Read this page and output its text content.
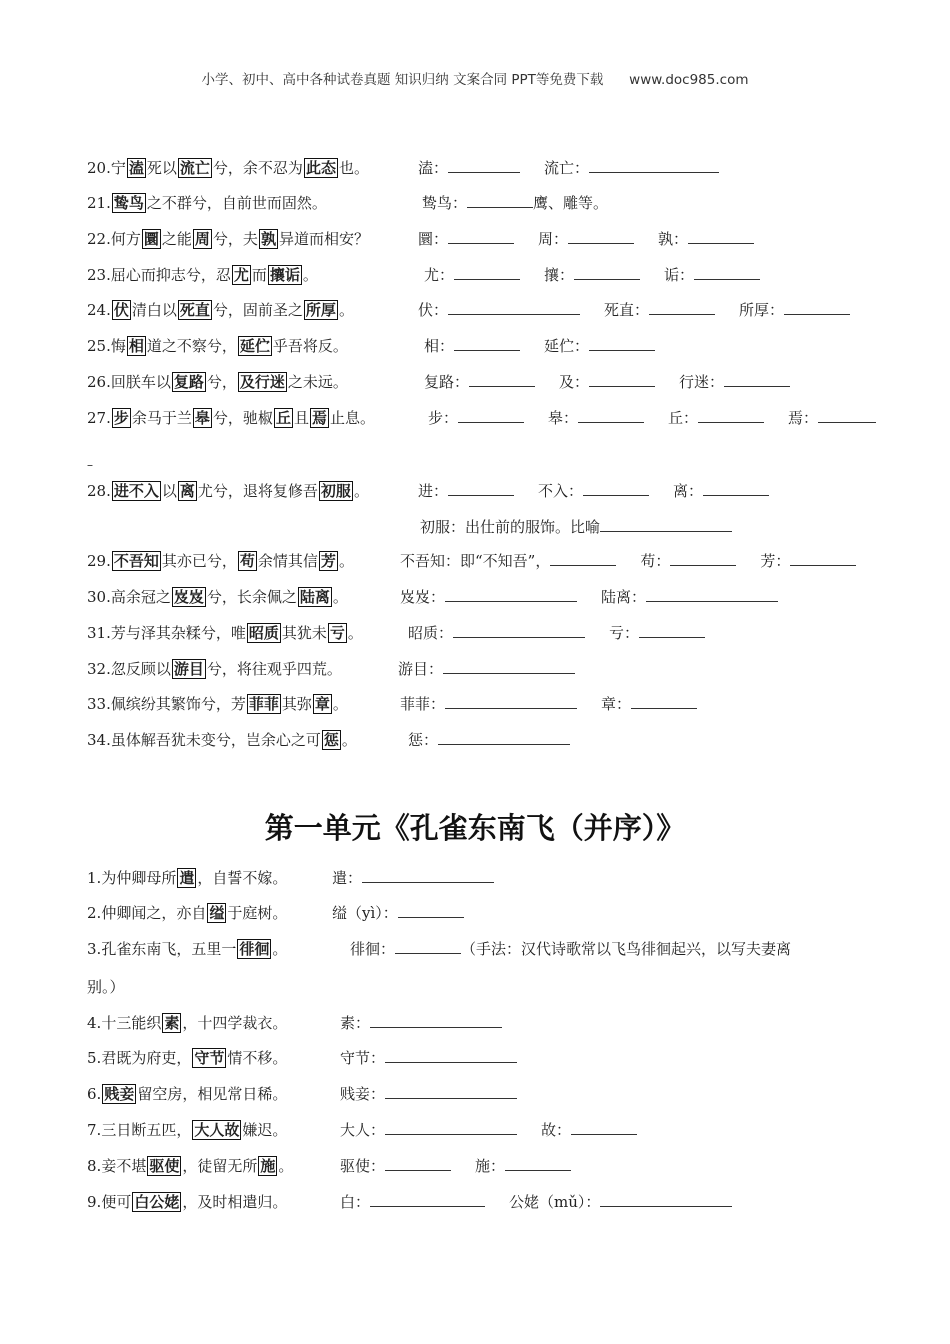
小学、初中、高中各种试卷真题 知识归纳 文案合同 PPT等免费下载      www.doc985.com
20.宁 溘 死以 流亡 兮，余不忍为 此态 也。	溘：	流亡：
21. 鸷鸟 之不群兮，自前世而固然。	鸷鸟：	鹰、雕等。
22.何方 圜 之能 周 兮，夫 孰 异道而相安？	圜：	周：	孰：
23.屈心而抑志兮，忍 尤 而 攘诟 。	尤：	攘：	诟：
24. 伏 清白以 死直 兮，固前圣之 所厚 。	伏：	死直：	所厚：
25.悔 相 道之不察兮， 延伫 乎吾将反。	相：	延伫：
26.回朕车以 复路 兮， 及行迷 之未远。	复路：	及：	行迷：
27. 步 余马于兰 皋 兮，驰椒 丘 且 焉 止息。	步：	皋：	丘：	焉：
28. 进不入 以 离 尤兮，退将复修吾 初服 。	进：	不入：	离：
29. 不吾知 其亦已兮， 苟 余情其信 芳 。	不吾知：即“不知吾”，	苟：	芳：
30.高余冠之 岌岌 兮，长余佩之 陆离 。	岌岌：	陆离：
31.芳与泽其杂糅兮，唯 昭质 其犹未 亏 。	昭质：	亏：
32.忽反顾以 游目 兮，将往观乎四荒。	游目：
33.佩缤纷其繁饰兮，芳 菲菲 其弥 章 。	菲菲：	章：
34.虽体解吾犹未变兮，岂余心之可 惩 。	惩：
–
初服：出仕前的服饰。比喻
第一单元《孔雀东南飞（并序）》
1.为仲卿母所 遣 ，自誓不嫁。	遣：
2.仲卿闻之，亦自 缢 于庭树。	缢（yì）：
3.孔雀东南飞，五里一 徘徊 。	徘徊：	（手法：汉代诗歌常以飞鸟徘徊起兴，以写夫妻离
4.十三能织 素 ，十四学裁衣。	素：
5.君既为府吏， 守节 情不移。	守节：
6. 贱妾 留空房，相见常日稀。	贱妾：
7.三日断五匹， 大人故 嫌迟。	大人：	故：
8.妾不堪 驱使 ，徒留无所 施 。	驱使：	施：
9.便可 白公姥 ，及时相遣归。	白：	公姥（mǔ）：
别。）
